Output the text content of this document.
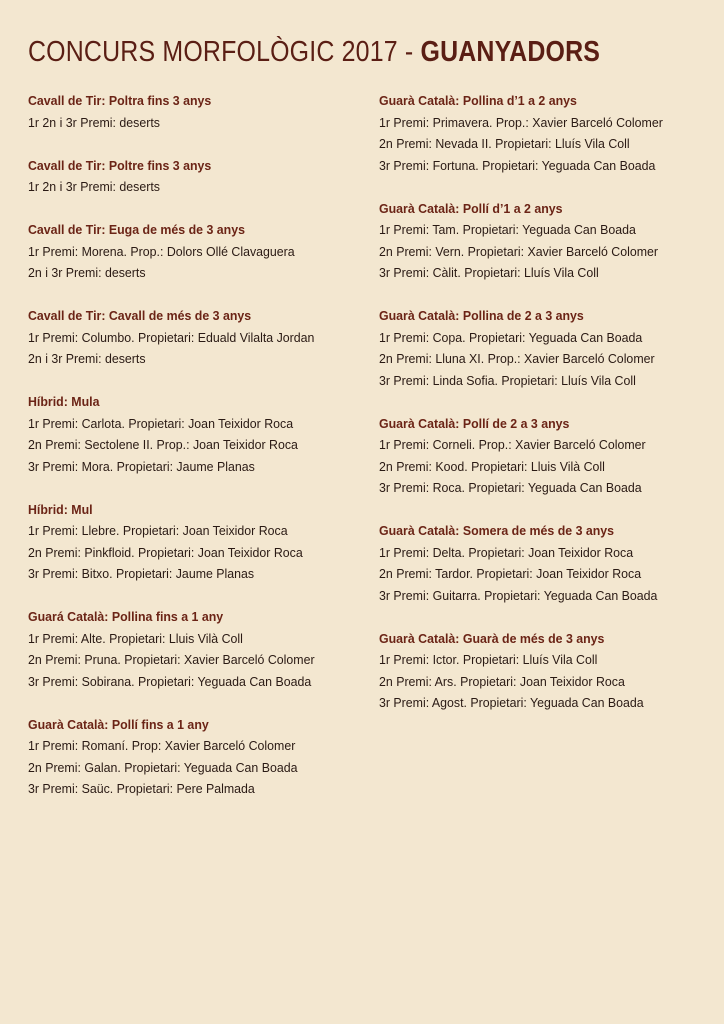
CONCURS MORFOLÒGIC 2017 - GUANYADORS
Cavall de Tir: Poltra fins 3 anys
1r 2n i 3r Premi: deserts
Cavall de Tir: Poltre fins 3 anys
1r 2n i 3r Premi: deserts
Cavall de Tir: Euga de més de 3 anys
1r Premi: Morena. Prop.: Dolors Ollé Clavaguera
2n i 3r Premi: deserts
Cavall de Tir: Cavall de més de 3 anys
1r Premi: Columbo. Propietari: Eduald Vilalta Jordan
2n i 3r Premi: deserts
Híbrid: Mula
1r Premi: Carlota. Propietari: Joan Teixidor Roca
2n Premi: Sectolene II. Prop.: Joan Teixidor Roca
3r Premi: Mora. Propietari: Jaume Planas
Híbrid: Mul
1r Premi: Llebre. Propietari: Joan Teixidor Roca
2n Premi: Pinkfloid. Propietari: Joan Teixidor Roca
3r Premi: Bitxo. Propietari: Jaume Planas
Guará Català: Pollina fins a 1 any
1r Premi: Alte. Propietari: Lluis Vilà Coll
2n Premi: Pruna. Propietari: Xavier Barceló Colomer
3r Premi: Sobirana. Propietari: Yeguada Can Boada
Guarà Català: Pollí fins a 1 any
1r Premi: Romaní. Prop: Xavier Barceló Colomer
2n Premi: Galan. Propietari: Yeguada Can Boada
3r Premi: Saüc. Propietari: Pere Palmada
Guarà Català: Pollina d’1 a 2 anys
1r Premi: Primavera. Prop.: Xavier Barceló Colomer
2n Premi: Nevada II. Propietari: Lluís Vila Coll
3r Premi: Fortuna. Propietari: Yeguada Can Boada
Guarà Català: Pollí d’1 a 2 anys
1r Premi: Tam. Propietari: Yeguada Can Boada
2n Premi: Vern. Propietari: Xavier Barceló Colomer
3r Premi: Càlit. Propietari: Lluís Vila Coll
Guarà Català: Pollina de 2 a 3 anys
1r Premi: Copa. Propietari: Yeguada Can Boada
2n Premi: Lluna XI. Prop.: Xavier Barceló Colomer
3r Premi: Linda Sofia. Propietari: Lluís Vila Coll
Guarà Català: Pollí de 2 a 3 anys
1r Premi: Corneli. Prop.: Xavier Barceló Colomer
2n Premi: Kood. Propietari: Lluis Vilà Coll
3r Premi: Roca. Propietari: Yeguada Can Boada
Guarà Català: Somera de més de 3 anys
1r Premi: Delta. Propietari: Joan Teixidor Roca
2n Premi: Tardor. Propietari: Joan Teixidor Roca
3r Premi: Guitarra. Propietari: Yeguada Can Boada
Guarà Català: Guarà de més de 3 anys
1r Premi: Ictor. Propietari: Lluís Vila Coll
2n Premi: Ars. Propietari: Joan Teixidor Roca
3r Premi: Agost. Propietari: Yeguada Can Boada
